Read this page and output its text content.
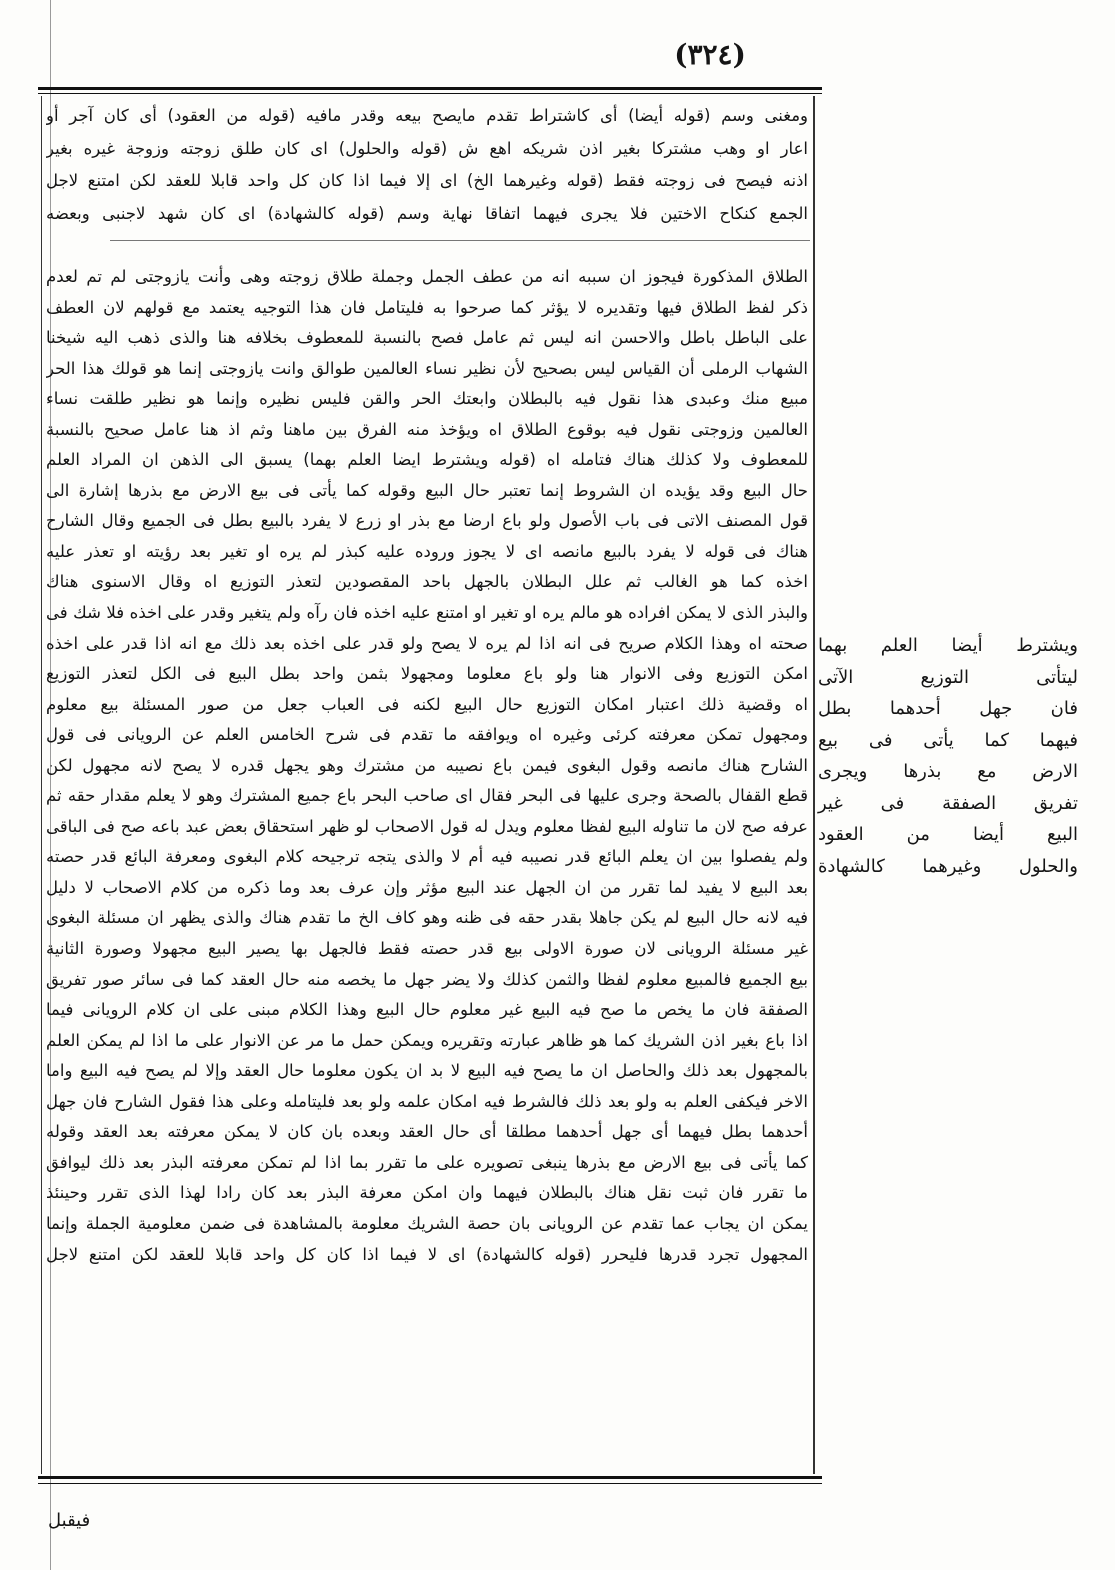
(٣٢٤)
ومغنى وسم (قوله أيضا) أى كاشتراط تقدم مايصح بيعه وقدر مافيه (قوله من العقود) أى كان آجر أو
اعار او وهب مشتركا بغير اذن شريكه اهع ش (قوله والحلول) اى كان طلق زوجته وزوجة غيره بغير
اذنه فيصح فى زوجته فقط (قوله وغيرهما الخ) اى إلا فيما اذا كان كل واحد قابلا للعقد لكن امتنع لاجل
الجمع كنكاح الاختين فلا يجرى فيهما اتفاقا نهاية وسم (قوله كالشهادة) اى كان شهد لاجنبى وبعضه
الطلاق المذكورة فيجوز ان سببه انه من عطف الجمل وجملة طلاق زوجته وهى وأنت يازوجتى لم تم لعدم
ذكر لفظ الطلاق فيها وتقديره لا يؤثر كما صرحوا به فليتامل فان هذا التوجيه يعتمد مع قولهم لان العطف
على الباطل باطل والاحسن انه ليس ثم عامل فصح بالنسبة للمعطوف بخلافه هنا والذى ذهب اليه شيخنا
الشهاب الرملى أن القياس ليس بصحيح لأن نظير نساء العالمين طوالق وانت يازوجتى إنما هو قولك هذا الحر
مبيع منك وعبدى هذا نقول فيه بالبطلان وابعتك الحر والقن فليس نظيره وإنما هو نظير طلقت نساء
العالمين وزوجتى نقول فيه بوقوع الطلاق اه ويؤخذ منه الفرق بين ماهنا وثم اذ هنا عامل صحيح بالنسبة
للمعطوف ولا كذلك هناك فتامله اه (قوله ويشترط ايضا العلم بهما) يسبق الى الذهن ان المراد العلم
حال البيع وقد يؤيده ان الشروط إنما تعتبر حال البيع وقوله كما يأتى فى بيع الارض مع بذرها إشارة الى
قول المصنف الاتى فى باب الأصول ولو باع ارضا مع بذر او زرع لا يفرد بالبيع بطل فى الجميع وقال الشارح
هناك فى قوله لا يفرد بالبيع مانصه اى لا يجوز وروده عليه كبذر لم يره او تغير بعد رؤيته او تعذر عليه
اخذه كما هو الغالب ثم علل البطلان بالجهل باحد المقصودين لتعذر التوزيع اه وقال الاسنوى هناك
والبذر الذى لا يمكن افراده هو مالم يره او تغير او امتنع عليه اخذه فان رآه ولم يتغير وقدر على اخذه فلا شك فى
صحته اه وهذا الكلام صريح فى انه اذا لم يره لا يصح ولو قدر على اخذه بعد ذلك مع انه اذا قدر على اخذه
امكن التوزيع وفى الانوار هنا ولو باع معلوما ومجهولا بثمن واحد بطل البيع فى الكل لتعذر التوزيع
اه وقضية ذلك اعتبار امكان التوزيع حال البيع لكنه فى العباب جعل من صور المسئلة بيع معلوم
ومجهول تمكن معرفته كرئى وغيره اه ويوافقه ما تقدم فى شرح الخامس العلم عن الرويانى فى قول
الشارح هناك مانصه وقول البغوى فيمن باع نصيبه من مشترك وهو يجهل قدره لا يصح لانه مجهول لكن
قطع القفال بالصحة وجرى عليها فى البحر فقال اى صاحب البحر باع جميع المشترك وهو لا يعلم مقدار حقه ثم
عرفه صح لان ما تناوله البيع لفظا معلوم ويدل له قول الاصحاب لو ظهر استحقاق بعض عبد باعه صح فى الباقى
ولم يفصلوا بين ان يعلم البائع قدر نصيبه فيه أم لا والذى يتجه ترجيحه كلام البغوى ومعرفة البائع قدر حصته
بعد البيع لا يفيد لما تقرر من ان الجهل عند البيع مؤثر وإن عرف بعد وما ذكره من كلام الاصحاب لا دليل
فيه لانه حال البيع لم يكن جاهلا بقدر حقه فى ظنه وهو كاف الخ ما تقدم هناك والذى يظهر ان مسئلة البغوى
غير مسئلة الرويانى لان صورة الاولى بيع قدر حصته فقط فالجهل بها يصير البيع مجهولا وصورة الثانية
بيع الجميع فالمبيع معلوم لفظا والثمن كذلك ولا يضر جهل ما يخصه منه حال العقد كما فى سائر صور تفريق
الصفقة فان ما يخص ما صح فيه البيع غير معلوم حال البيع وهذا الكلام مبنى على ان كلام الرويانى فيما
اذا باع بغير اذن الشريك كما هو ظاهر عبارته وتقريره ويمكن حمل ما مر عن الانوار على ما اذا لم يمكن العلم
بالمجهول بعد ذلك والحاصل ان ما يصح فيه البيع لا بد ان يكون معلوما حال العقد وإلا لم يصح فيه البيع واما
الاخر فيكفى العلم به ولو بعد ذلك فالشرط فيه امكان علمه ولو بعد فليتامله وعلى هذا فقول الشارح فان جهل
أحدهما بطل فيهما أى جهل أحدهما مطلقا أى حال العقد وبعده بان كان لا يمكن معرفته بعد العقد وقوله
كما يأتى فى بيع الارض مع بذرها ينبغى تصويره على ما تقرر بما اذا لم تمكن معرفته البذر بعد ذلك ليوافق
ما تقرر فان ثبت نقل هناك بالبطلان فيهما وان امكن معرفة البذر بعد كان رادا لهذا الذى تقرر وحينئذ
يمكن ان يجاب عما تقدم عن الرويانى بان حصة الشريك معلومة بالمشاهدة فى ضمن معلومية الجملة وإنما
المجهول تجرد قدرها فليحرر (قوله كالشهادة) اى لا فيما اذا كان كل واحد قابلا للعقد لكن امتنع لاجل
ويشترط أيضا العلم بهما
ليتأتى التوزيع الآتى
فان جهل أحدهما بطل
فيهما كما يأتى فى بيع
الارض مع بذرها ويجرى
تفريق الصفقة فى غير
البيع أيضا من العقود
والحلول وغيرهما كالشهادة
فيقبل
